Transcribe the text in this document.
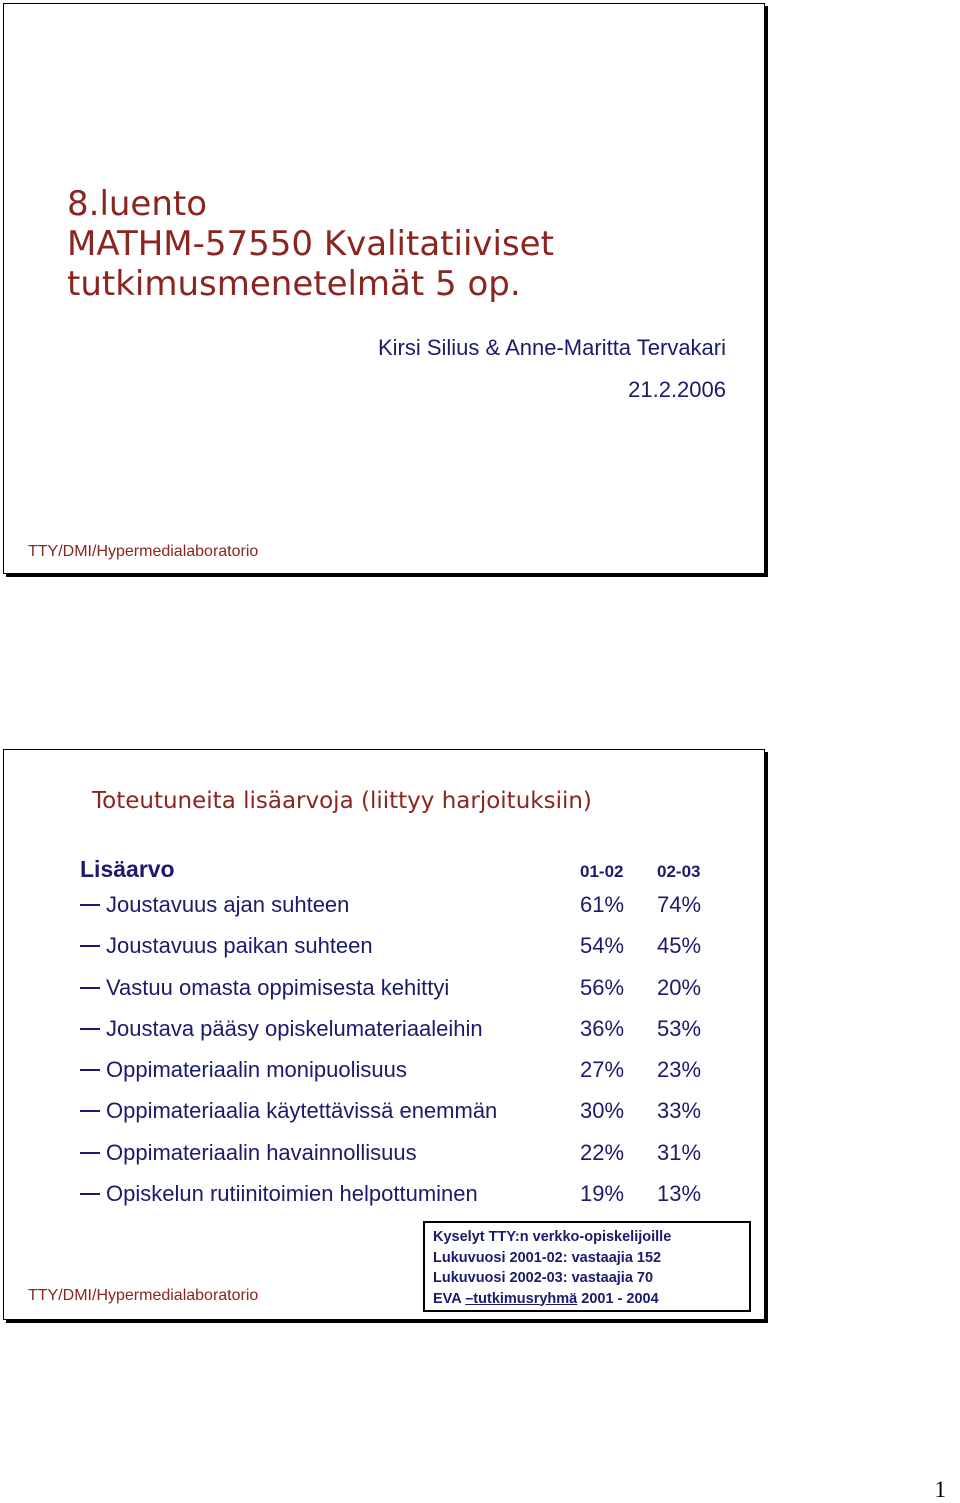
8.luento
MATHM-57550 Kvalitatiiviset
tutkimusmenetelmät 5 op.
Kirsi Silius & Anne-Maritta Tervakari
21.2.2006
TTY/DMI/Hypermedialaboratorio
Toteutuneita lisäarvoja (liittyy harjoituksiin)
Lisäarvo	01-02 02-03
Joustavuus ajan suhteen	61% 74%
Joustavuus paikan suhteen	54% 45%
Vastuu omasta oppimisesta kehittyi	56% 20%
Joustava pääsy opiskelumateriaaleihin	36% 53%
Oppimateriaalin monipuolisuus	27% 23%
Oppimateriaalia käytettävissä enemmän	30% 33%
Oppimateriaalin havainnollisuus	22% 31%
Opiskelun rutiinitoimien helpottuminen	19% 13%
Kyselyt TTY:n verkko-opiskelijoille
Lukuvuosi 2001-02: vastaajia 152
Lukuvuosi 2002-03: vastaajia 70
EVA –tutkimusryhmä 2001 - 2004
TTY/DMI/Hypermedialaboratorio
1
